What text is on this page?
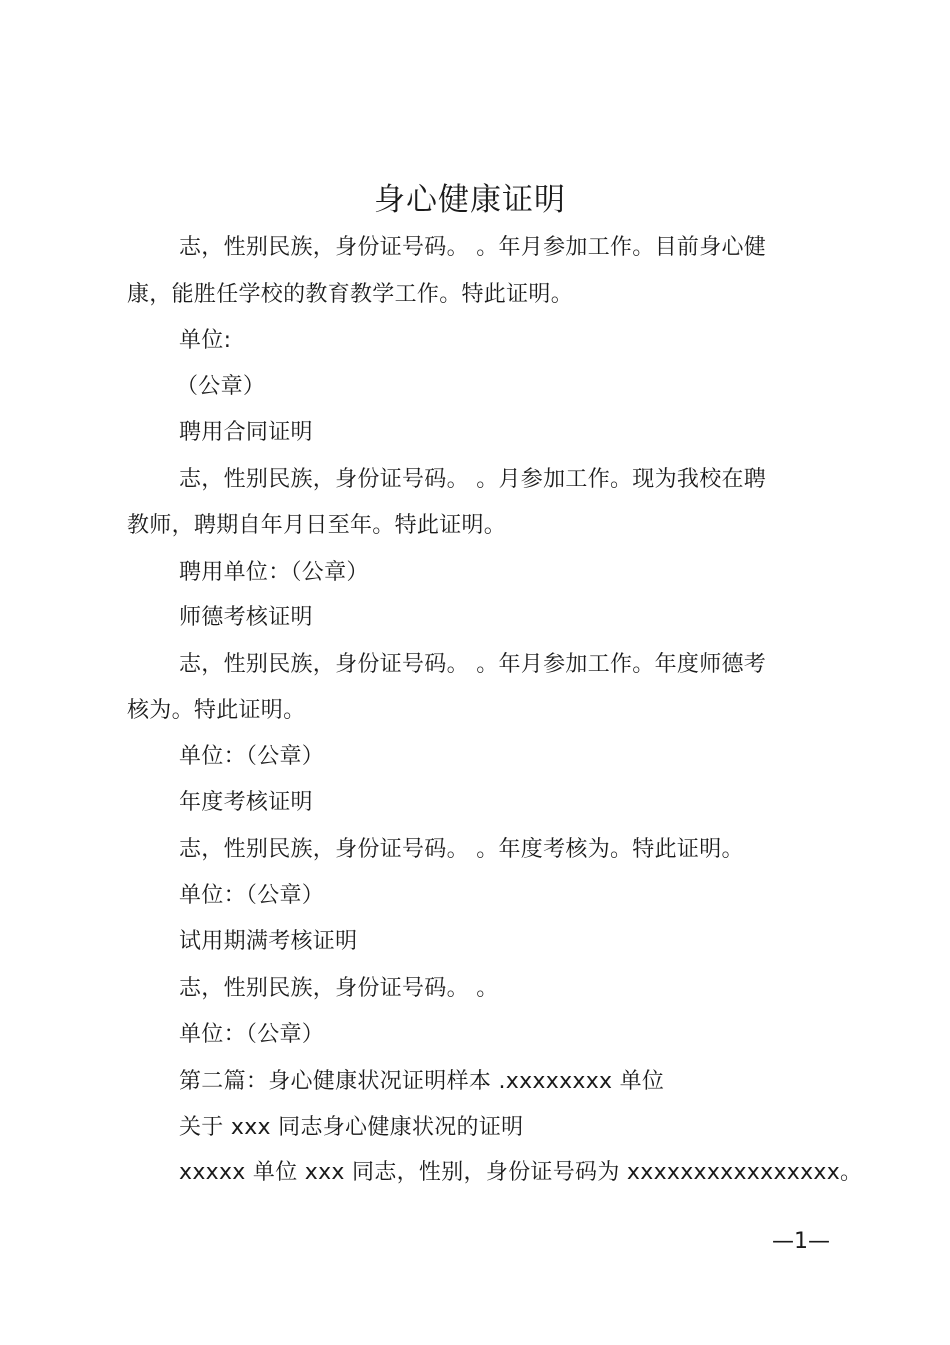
身心健康证明
志，性别民族，身份证号码。 。年月参加工作。目前身心健
康，能胜任学校的教育教学工作。特此证明。
单位:
（公章）
聘用合同证明
志，性别民族，身份证号码。 。月参加工作。现为我校在聘
教师，聘期自年月日至年。特此证明。
聘用单位：（公章）
师德考核证明
志，性别民族，身份证号码。 。年月参加工作。年度师德考
核为。特此证明。
单位：（公章）
年度考核证明
志，性别民族，身份证号码。 。年度考核为。特此证明。
单位：（公章）
试用期满考核证明
志，性别民族，身份证号码。 。
单位：（公章）
第二篇：身心健康状况证明样本 .xxxxxxxx 单位
关于 xxx 同志身心健康状况的证明
xxxxx 单位 xxx 同志，性别，身份证号码为 xxxxxxxxxxxxxxxx。
—1—
